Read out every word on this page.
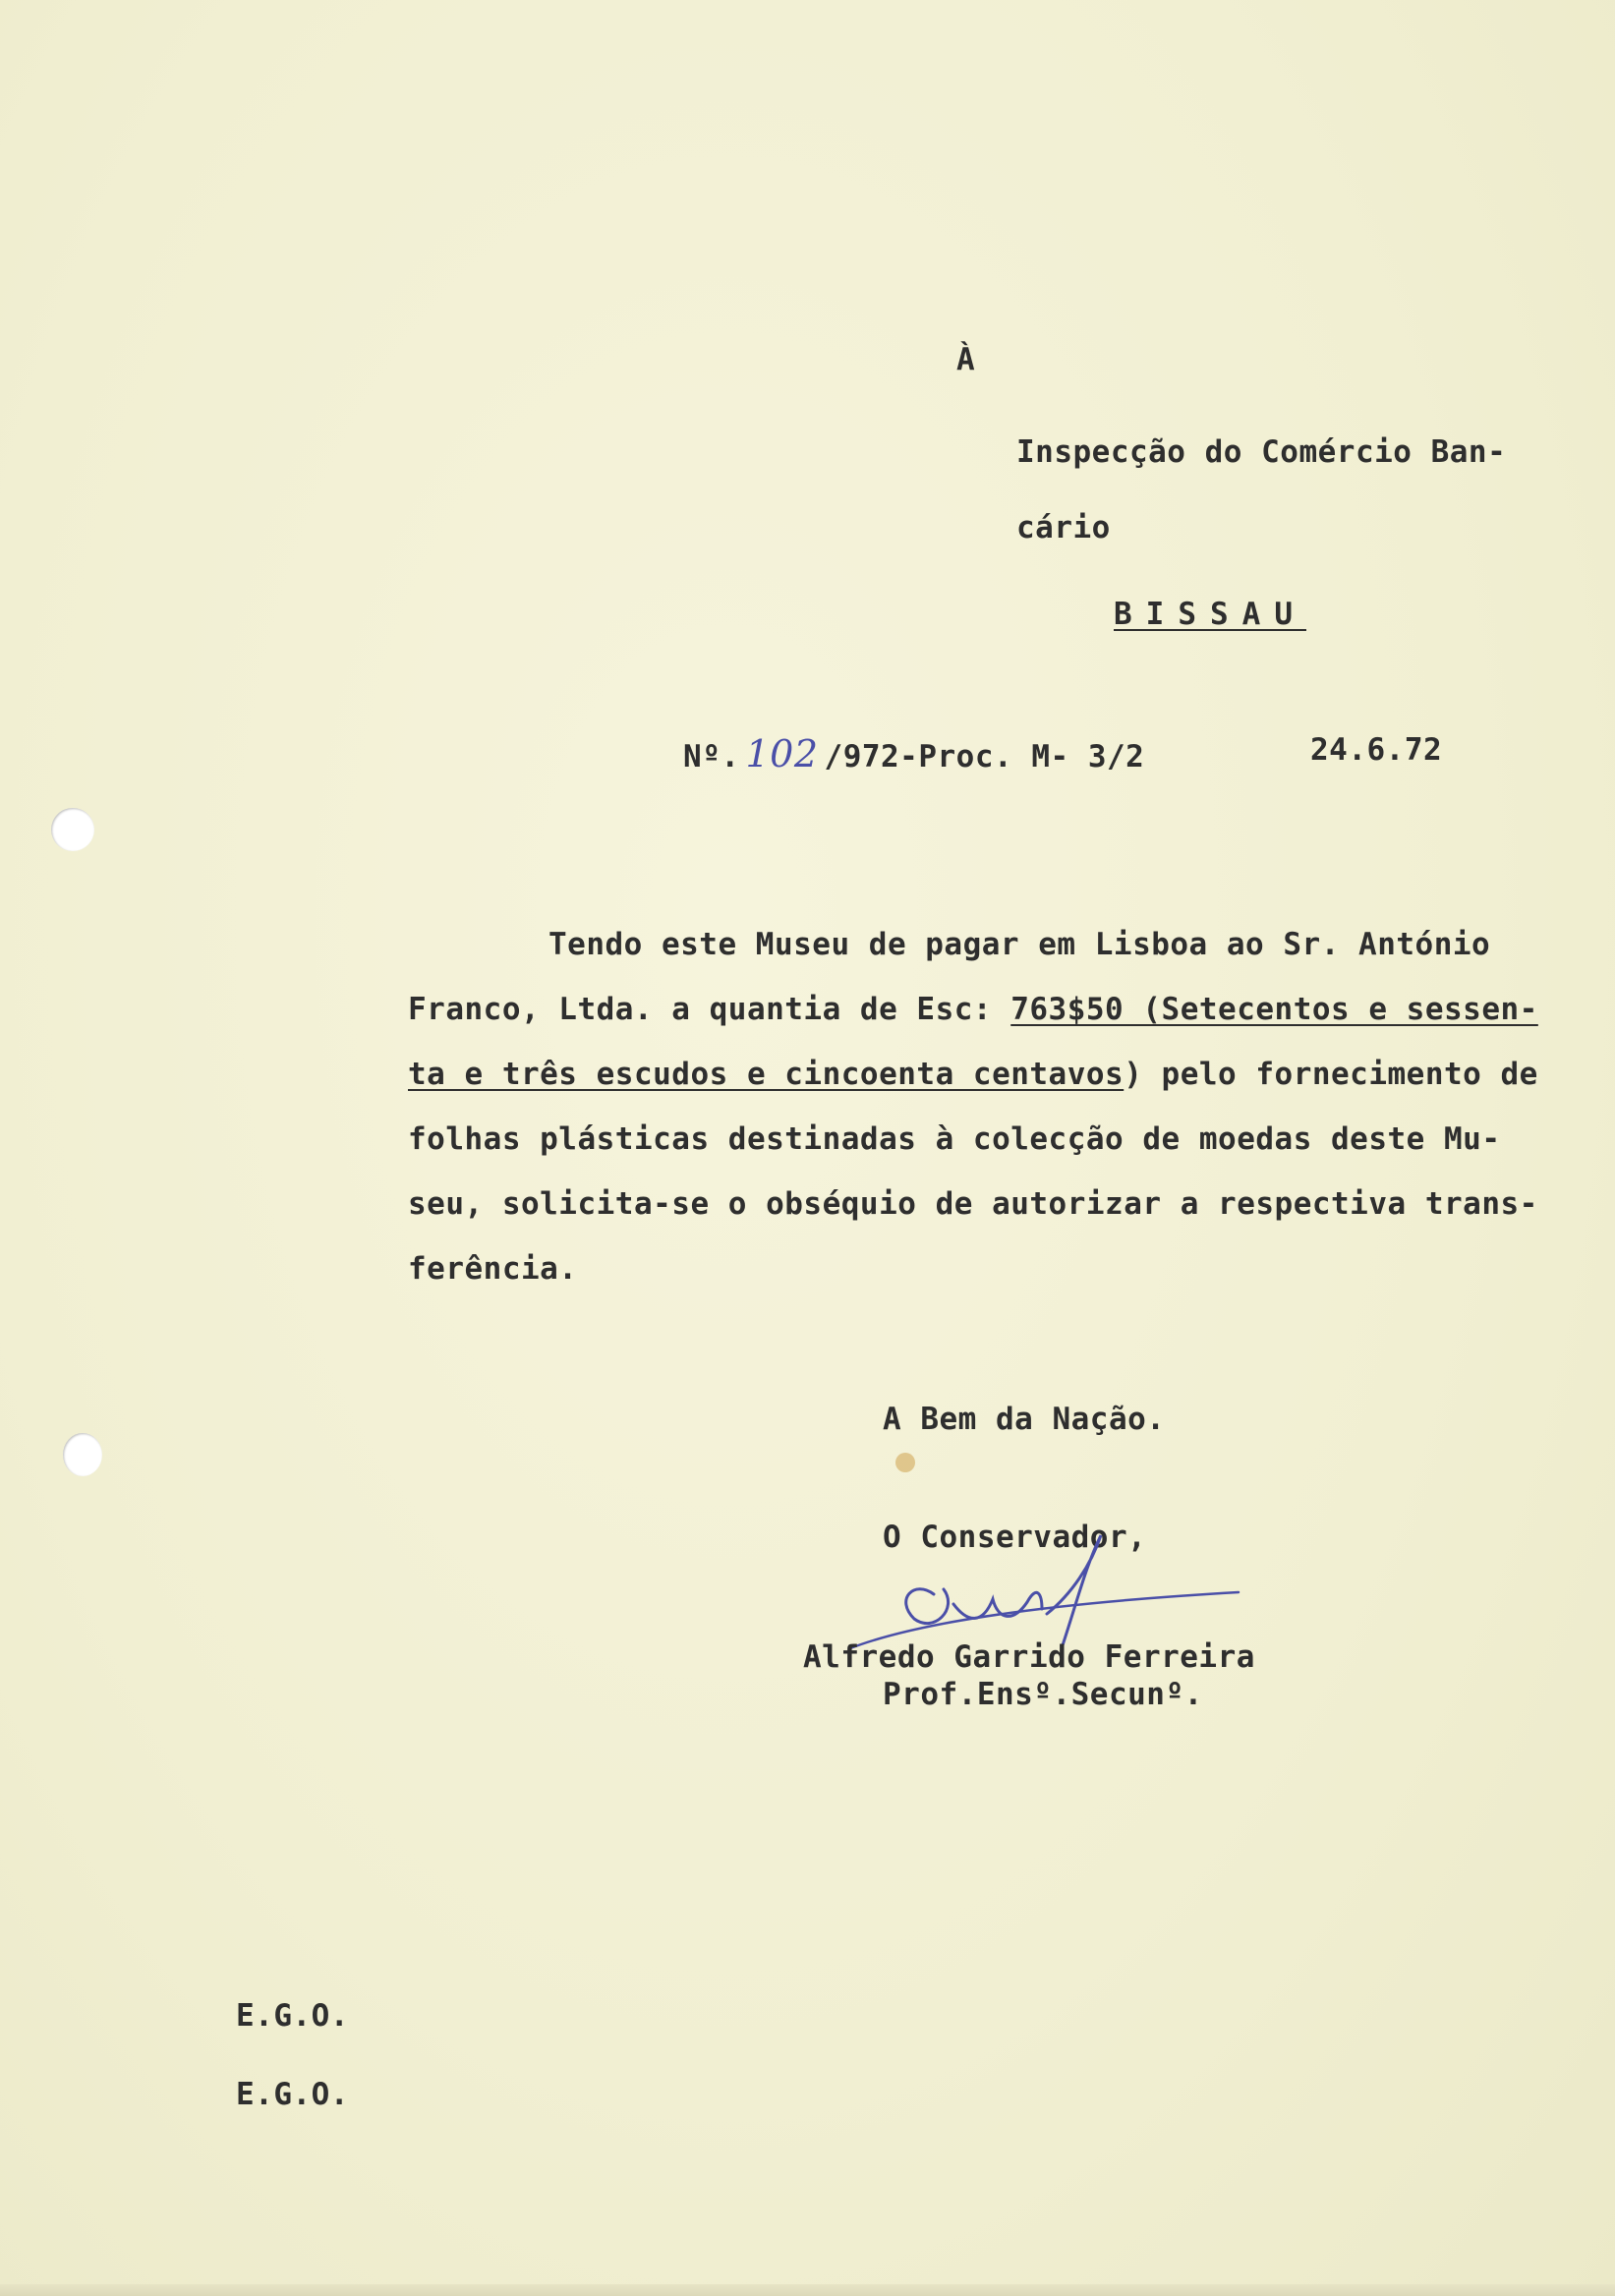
À
Inspecção do Comércio Ban-
cário
BISSAU
Nº. 102 /972-Proc. M- 3/2	24.6.72
Tendo este Museu de pagar em Lisboa ao Sr. António
Franco, Ltda. a quantia de Esc: 763$50 (Setecentos e sessen-
ta e três escudos e cincoenta centavos) pelo fornecimento de
folhas plásticas destinadas à colecção de moedas deste Mu-
seu, solicita-se o obséquio de autorizar a respectiva trans-
ferência.
A Bem da Nação.
O Conservador,
Alfredo Garrido Ferreira
Prof.Ensº.Secunº.
E.G.O.
E.G.O.
